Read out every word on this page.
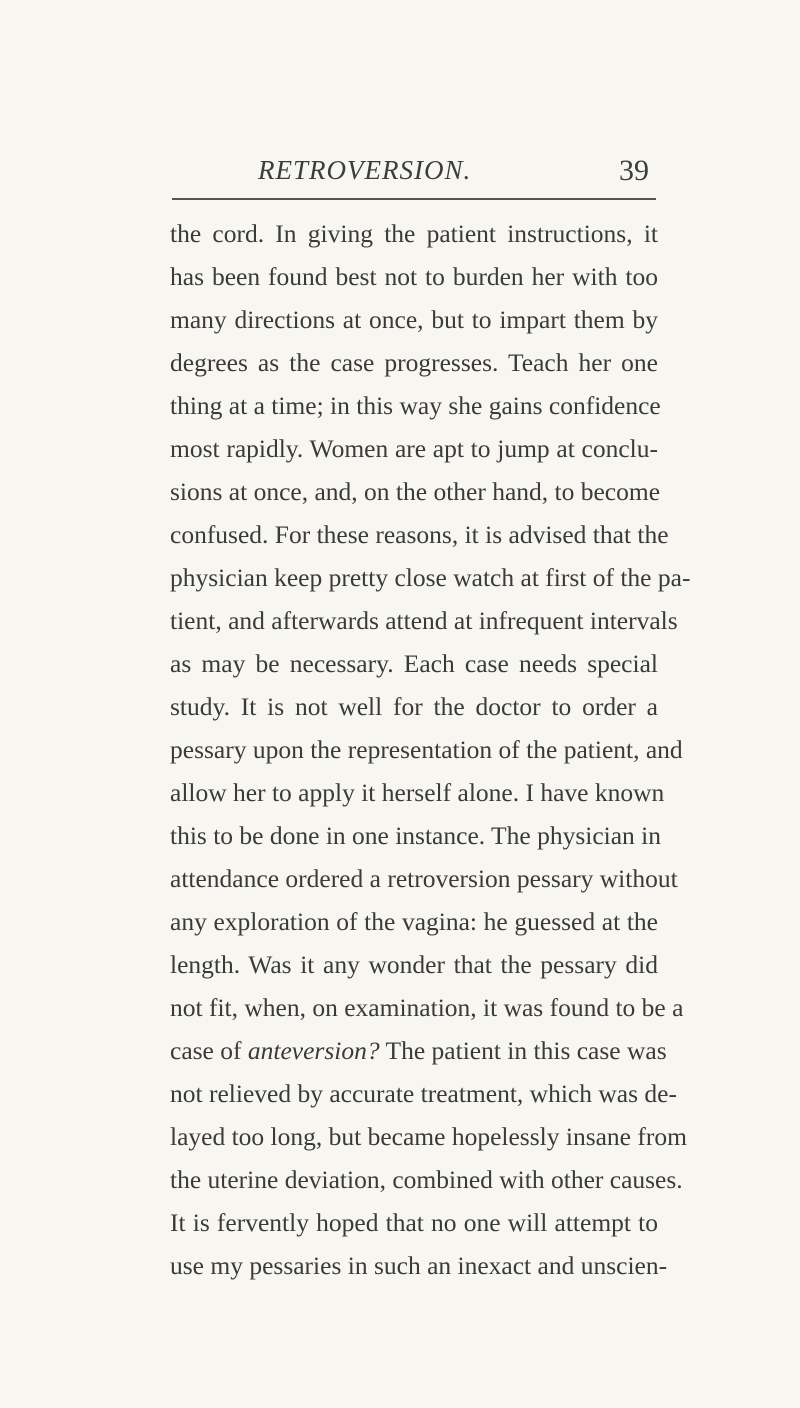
RETROVERSION.	39
the cord. In giving the patient instructions, it
has been found best not to burden her with too
many directions at once, but to impart them by
degrees as the case progresses. Teach her one
thing at a time; in this way she gains confidence
most rapidly. Women are apt to jump at conclu-
sions at once, and, on the other hand, to become
confused. For these reasons, it is advised that the
physician keep pretty close watch at first of the pa-
tient, and afterwards attend at infrequent intervals
as may be necessary. Each case needs special
study. It is not well for the doctor to order a
pessary upon the representation of the patient, and
allow her to apply it herself alone. I have known
this to be done in one instance. The physician in
attendance ordered a retroversion pessary without
any exploration of the vagina: he guessed at the
length. Was it any wonder that the pessary did
not fit, when, on examination, it was found to be a
case of anteversion? The patient in this case was
not relieved by accurate treatment, which was de-
layed too long, but became hopelessly insane from
the uterine deviation, combined with other causes.
It is fervently hoped that no one will attempt to
use my pessaries in such an inexact and unscien-
